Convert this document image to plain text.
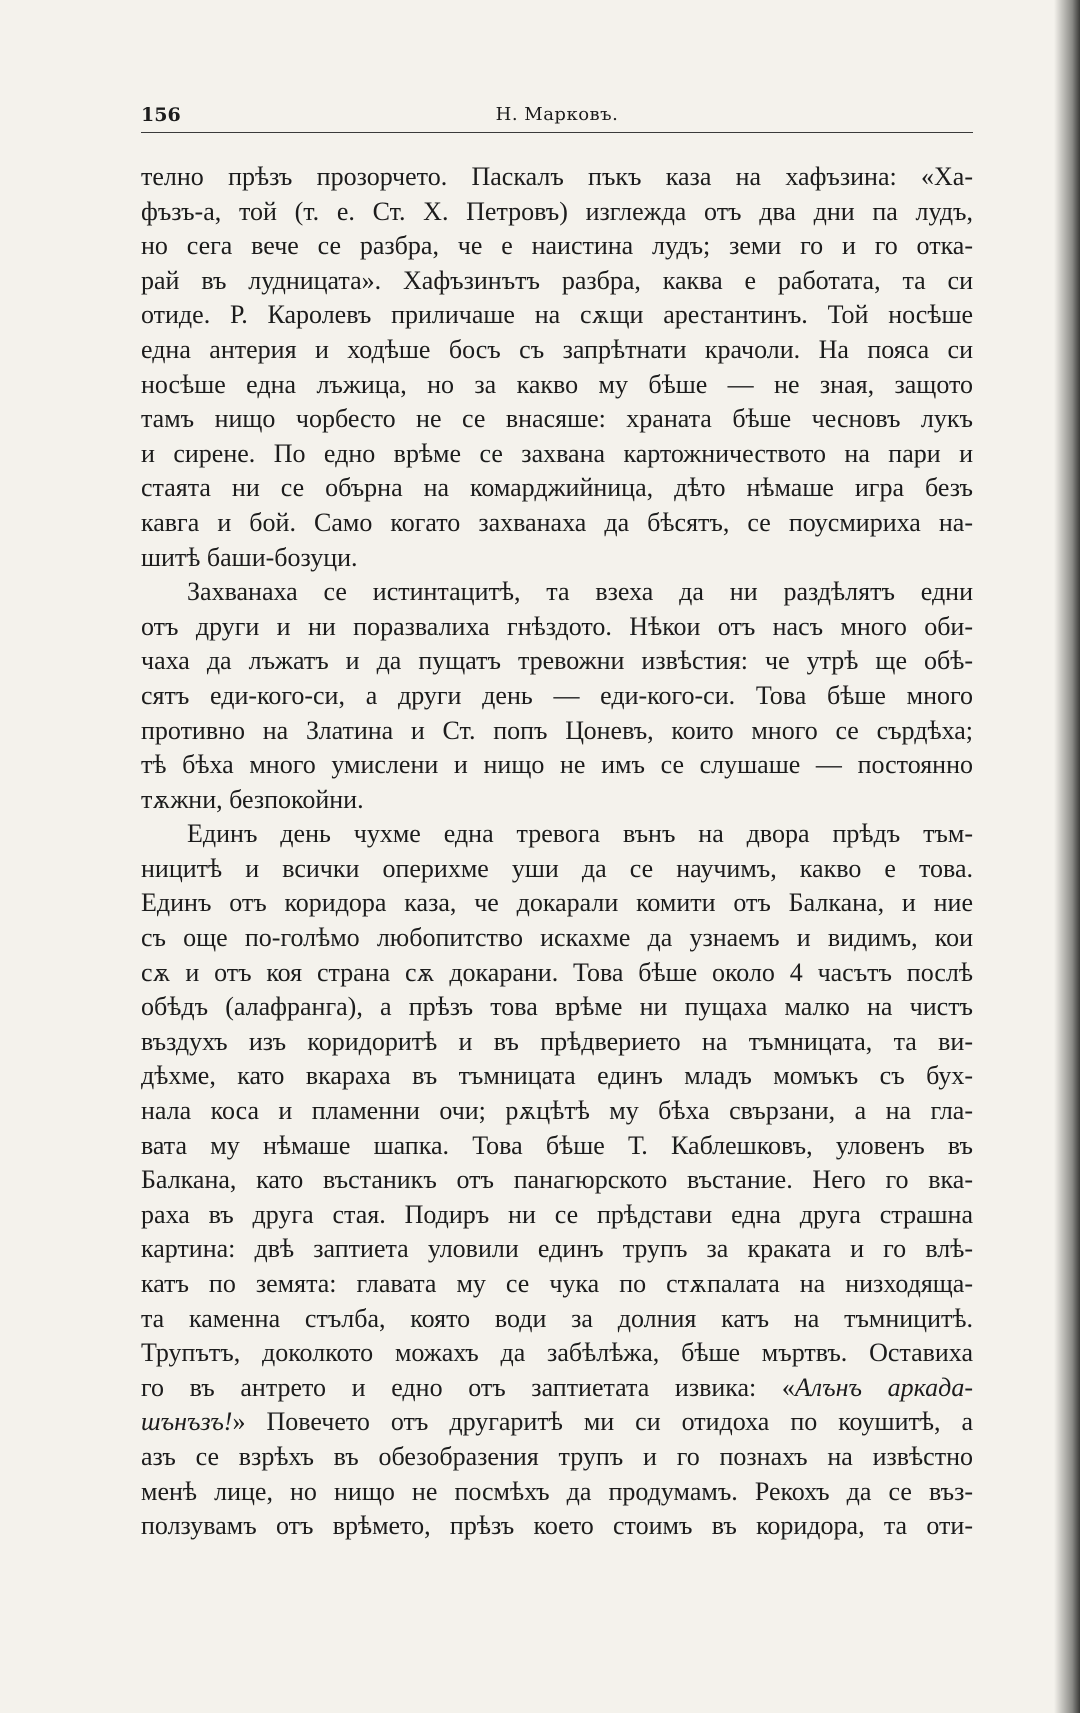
156	Н. Марковъ.
телно прѣзъ прозорчето. Паскалъ пъкъ каза на хафъзина: «Ха-
фъзъ-а, той (т. е. Ст. Х. Петровъ) изглежда отъ два дни па лудъ,
но сега вече се разбра, че е наистина лудъ; земи го и го отка-
рай въ лудницата». Хафъзинътъ разбра, каква е работата, та си
отиде. Р. Каролевъ приличаше на сѫщи арестантинъ. Той носѣше
една антерия и ходѣше босъ съ запрѣтнати крачоли. На пояса си
носѣше една лъжица, но за какво му бѣше — не зная, защото
тамъ нищо чорбесто не се внасяше: храната бѣше чесновъ лукъ
и сирене. По едно врѣме се захвана картожничеството на пари и
стаята ни се обърна на комарджийница, дѣто нѣмаше игра безъ
кавга и бой. Само когато захванаха да бѣсятъ, се поусмириха на-
шитѣ баши-бозуци.
Захванаха се истинтацитѣ, та взеха да ни раздѣлятъ едни
отъ други и ни поразвалиха гнѣздото. Нѣкои отъ насъ много оби-
чаха да лъжатъ и да пущатъ тревожни извѣстия: че утрѣ ще обѣ-
сятъ еди-кого-си, а други день — еди-кого-си. Това бѣше много
противно на Златина и Ст. попъ Цоневъ, които много се сърдѣха;
тѣ бѣха много умислени и нищо не имъ се слушаше — постоянно
тѫжни, безпокойни.
Единъ день чухме една тревога вънъ на двора прѣдъ тъм-
ницитѣ и всички оперихме уши да се научимъ, какво е това.
Единъ отъ коридора каза, че докарали комити отъ Балкана, и ние
съ още по-голѣмо любопитство искахме да узнаемъ и видимъ, кои
сѫ и отъ коя страна сѫ докарани. Това бѣше около 4 часътъ послѣ
обѣдъ (алафранга), а прѣзъ това врѣме ни пущаха малко на чистъ
въздухъ изъ коридоритѣ и въ прѣдверието на тъмницата, та ви-
дѣхме, като вкараха въ тъмницата единъ младъ момъкъ съ бух-
нала коса и пламенни очи; рѫцѣтѣ му бѣха свързани, а на гла-
вата му нѣмаше шапка. Това бѣше Т. Каблешковъ, уловенъ въ
Балкана, като въстаникъ отъ панагюрското въстание. Него го вка-
раха въ друга стая. Подиръ ни се прѣдстави една друга страшна
картина: двѣ заптиета уловили единъ трупъ за краката и го влѣ-
катъ по земята: главата му се чука по стѫпалата на низходяща-
та каменна стълба, която води за долния катъ на тъмницитѣ.
Трупътъ, доколкото можахъ да забѣлѣжа, бѣше мъртвъ. Оставиха
го въ антрето и едно отъ заптиетата извика: «Алънъ аркада-
шънъзъ!» Повечето отъ другаритѣ ми си отидоха по коушитѣ, а
азъ се взрѣхъ въ обезобразения трупъ и го познахъ на извѣстно
менѣ лице, но нищо не посмѣхъ да продумамъ. Рекохъ да се въз-
ползувамъ отъ врѣмето, прѣзъ което стоимъ въ коридора, та оти-
